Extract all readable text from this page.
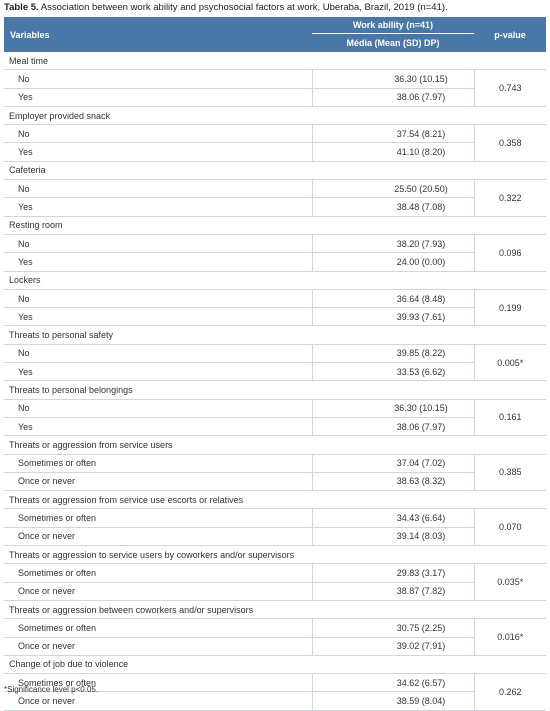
Table 5. Association between work ability and psychosocial factors at work, Uberaba, Brazil, 2019 (n=41).
Variables	Work ability (n=41)	p-value
	Média (Mean (SD) DP)	
Meal time		
No	36.30 (10.15)	0.743
Yes	38.06 (7.97)	
Employer provided snack		
No	37.54 (8.21)	0.358
Yes	41.10 (8.20)	
Cafeteria		
No	25.50 (20.50)	0.322
Yes	38.48 (7.08)	
Resting room		
No	38.20 (7.93)	0.096
Yes	24.00 (0.00)	
Lockers		
No	36.64 (8.48)	0.199
Yes	39.93 (7.61)	
Threats to personal safety		
No	39.85 (8.22)	0.005*
Yes	33.53 (6.62)	
Threats to personal belongings		
No	36.30 (10.15)	0.161
Yes	38.06 (7.97)	
Threats or aggression from service users		
Sometimes or often	37.04 (7.02)	0.385
Once or never	38.63 (8.32)	
Threats or aggression from service use escorts or relatives		
Sometimes or often	34.43 (6.64)	0.070
Once or never	39.14 (8.03)	
Threats or aggression to service users by coworkers and/or supervisors		
Sometimes or often	29.83 (3.17)	0.035*
Once or never	38.87 (7.82)	
Threats or aggression between coworkers and/or supervisors		
Sometimes or often	30.75 (2.25)	0.016*
Once or never	39.02 (7.91)	
Change of job due to violence		
Sometimes or often	34.62 (6.57)	0.262
Once or never	38.59 (8.04)	
*Significance level p<0.05.
